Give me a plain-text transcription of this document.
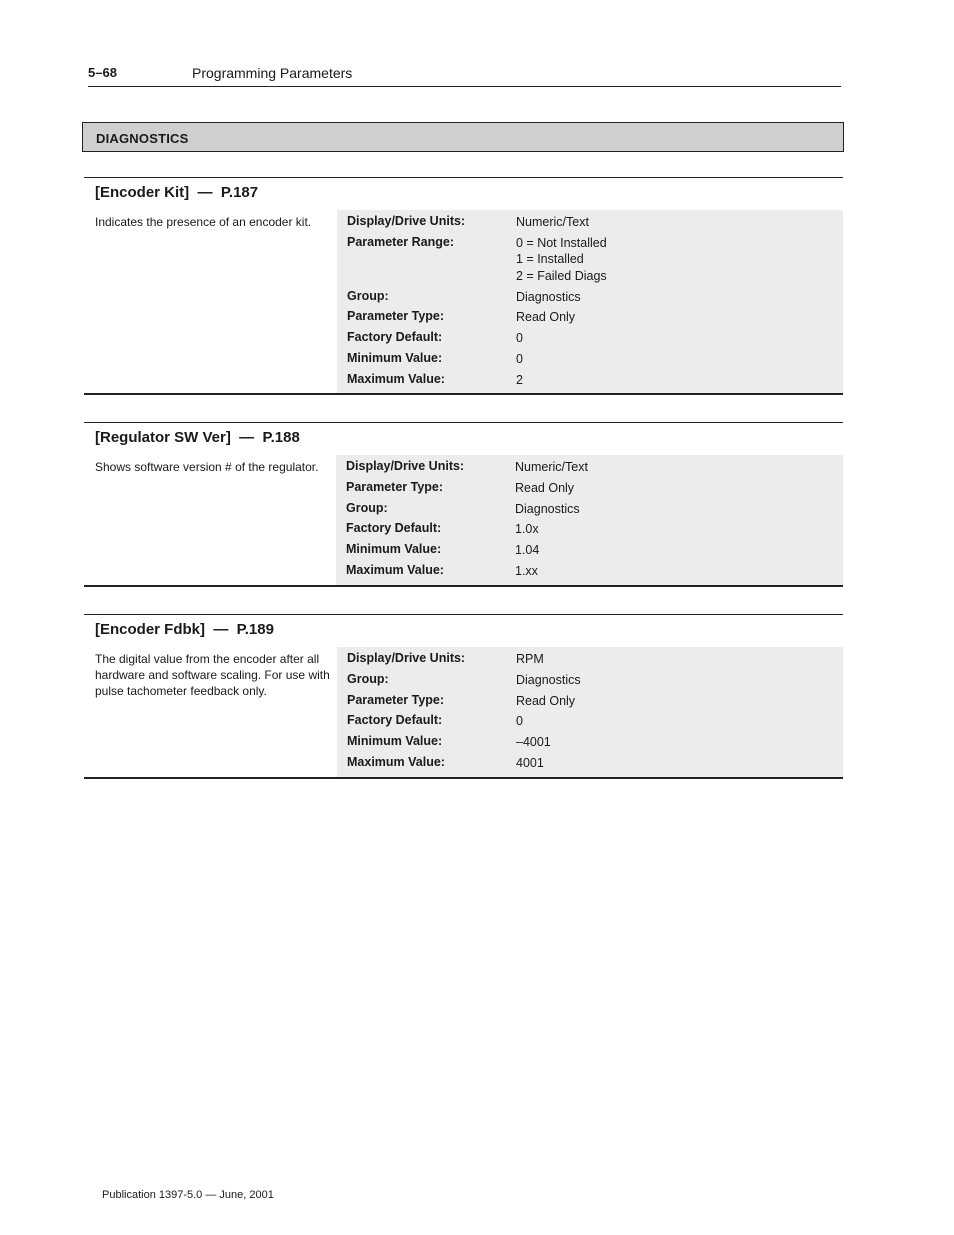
5–68	Programming Parameters
DIAGNOSTICS
[Encoder Kit]  —  P.187
Indicates the presence of an encoder kit.	Display/Drive Units:	Numeric/Text
Parameter Range:	0 = Not Installed
1 = Installed
2 = Failed Diags
Group:	Diagnostics
Parameter Type:	Read Only
Factory Default:	0
Minimum Value:	0
Maximum Value:	2
[Regulator SW Ver]  —  P.188
Shows software version # of the regulator.	Display/Drive Units:	Numeric/Text
Parameter Type:	Read Only
Group:	Diagnostics
Factory Default:	1.0x
Minimum Value:	1.04
Maximum Value:	1.xx
[Encoder Fdbk]  —  P.189
The digital value from the encoder after all hardware and software scaling. For use with pulse tachometer feedback only.
Display/Drive Units:	RPM
Group:	Diagnostics
Parameter Type:	Read Only
Factory Default:	0
Minimum Value:	–4001
Maximum Value:	4001
Publication 1397-5.0 — June, 2001
